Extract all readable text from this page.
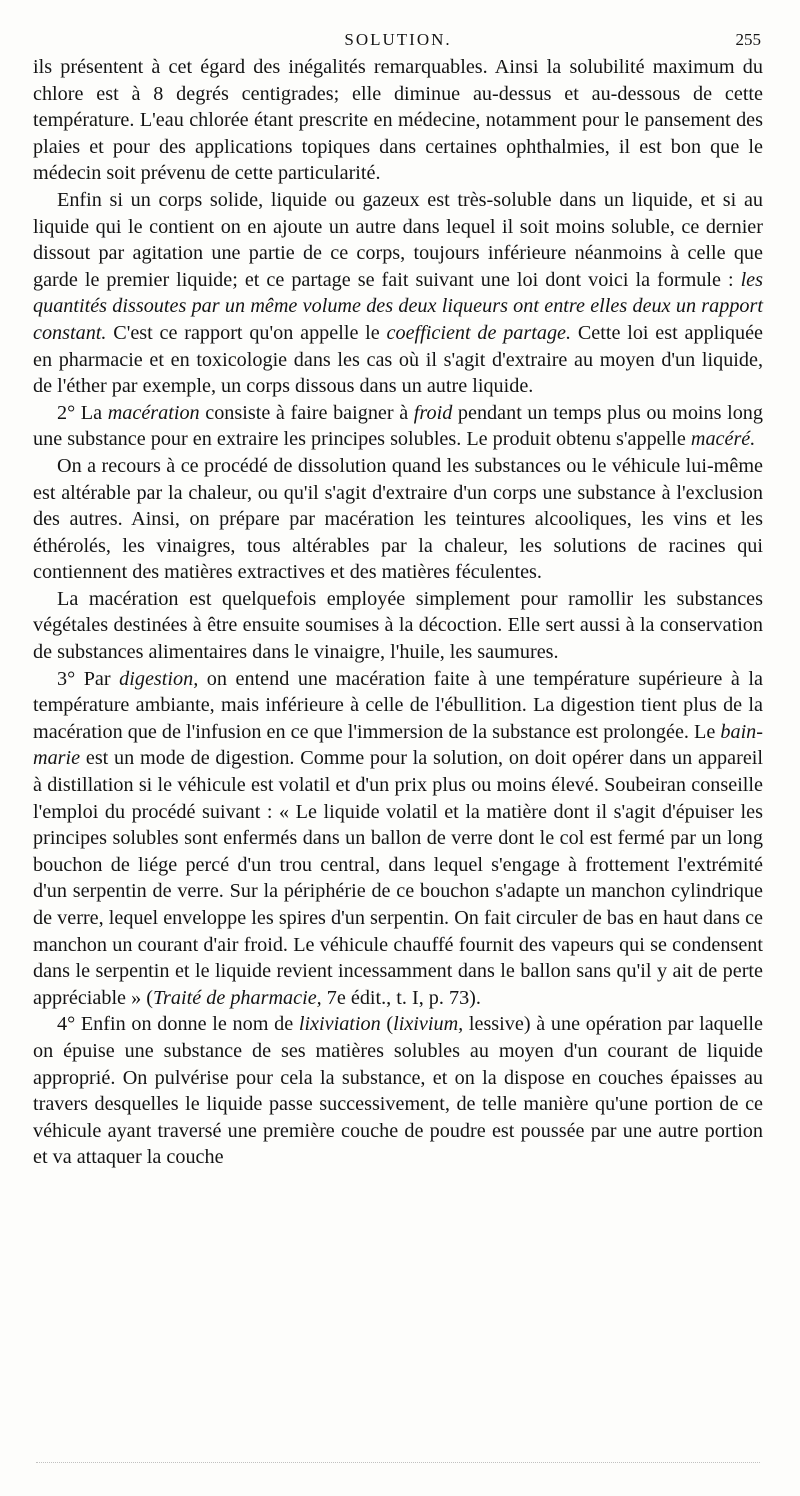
SOLUTION.	255

ils présentent à cet égard des inégalités remarquables. Ainsi la solubilité maximum du chlore est à 8 degrés centigrades; elle diminue au-dessus et au-dessous de cette température. L'eau chlorée étant prescrite en médecine, notamment pour le pansement des plaies et pour des applications topiques dans certaines ophthalmies, il est bon que le médecin soit prévenu de cette particularité.

Enfin si un corps solide, liquide ou gazeux est très-soluble dans un liquide, et si au liquide qui le contient on en ajoute un autre dans lequel il soit moins soluble, ce dernier dissout par agitation une partie de ce corps, toujours inférieure néanmoins à celle que garde le premier liquide; et ce partage se fait suivant une loi dont voici la formule : les quantités dissoutes par un même volume des deux liqueurs ont entre elles deux un rapport constant. C'est ce rapport qu'on appelle le coefficient de partage. Cette loi est appliquée en pharmacie et en toxicologie dans les cas où il s'agit d'extraire au moyen d'un liquide, de l'éther par exemple, un corps dissous dans un autre liquide.

2° La macération consiste à faire baigner à froid pendant un temps plus ou moins long une substance pour en extraire les principes solubles. Le produit obtenu s'appelle macéré.

On a recours à ce procédé de dissolution quand les substances ou le véhicule lui-même est altérable par la chaleur, ou qu'il s'agit d'extraire d'un corps une substance à l'exclusion des autres. Ainsi, on prépare par macération les teintures alcooliques, les vins et les éthérolés, les vinaigres, tous altérables par la chaleur, les solutions de racines qui contiennent des matières extractives et des matières féculentes.

La macération est quelquefois employée simplement pour ramollir les substances végétales destinées à être ensuite soumises à la décoction. Elle sert aussi à la conservation de substances alimentaires dans le vinaigre, l'huile, les saumures.

3° Par digestion, on entend une macération faite à une température supérieure à la température ambiante, mais inférieure à celle de l'ébullition. La digestion tient plus de la macération que de l'infusion en ce que l'immersion de la substance est prolongée. Le bain-marie est un mode de digestion. Comme pour la solution, on doit opérer dans un appareil à distillation si le véhicule est volatil et d'un prix plus ou moins élevé. Soubeiran conseille l'emploi du procédé suivant : « Le liquide volatil et la matière dont il s'agit d'épuiser les principes solubles sont enfermés dans un ballon de verre dont le col est fermé par un long bouchon de liége percé d'un trou central, dans lequel s'engage à frottement l'extrémité d'un serpentin de verre. Sur la périphérie de ce bouchon s'adapte un manchon cylindrique de verre, lequel enveloppe les spires d'un serpentin. On fait circuler de bas en haut dans ce manchon un courant d'air froid. Le véhicule chauffé fournit des vapeurs qui se condensent dans le serpentin et le liquide revient incessamment dans le ballon sans qu'il y ait de perte appréciable » (Traité de pharmacie, 7e édit., t. I, p. 73).

4° Enfin on donne le nom de lixiviation (lixivium, lessive) à une opération par laquelle on épuise une substance de ses matières solubles au moyen d'un courant de liquide approprié. On pulvérise pour cela la substance, et on la dispose en couches épaisses au travers desquelles le liquide passe successivement, de telle manière qu'une portion de ce véhicule ayant traversé une première couche de poudre est poussée par une autre portion et va attaquer la couche
